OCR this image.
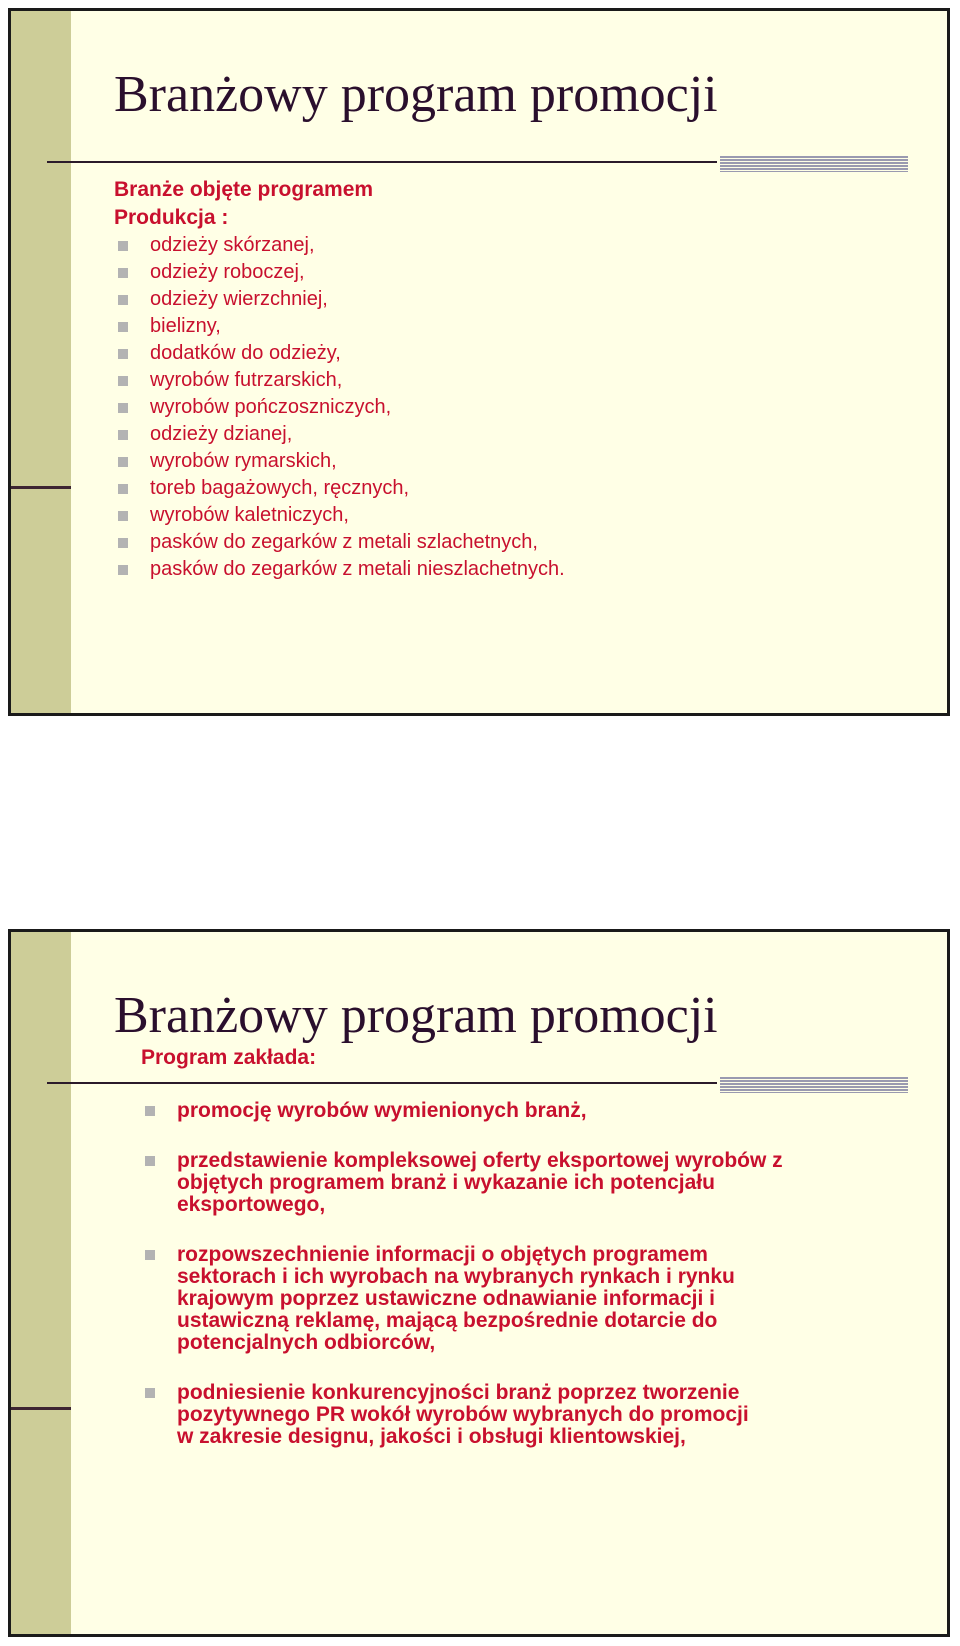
Branżowy program promocji

Branże objęte programem

Produkcja :

odzieży skórzanej,
odzieży roboczej,
odzieży wierzchniej,
bielizny,
dodatków do odzieży,
wyrobów futrzarskich,
wyrobów pończoszniczych,
odzieży dzianej,
wyrobów rymarskich,
toreb bagażowych, ręcznych,
wyrobów kaletniczych,
pasków do zegarków z metali szlachetnych,
pasków do zegarków z metali nieszlachetnych.
Branżowy program promocji

Program zakłada:

promocję wyrobów wymienionych branż,
przedstawienie kompleksowej oferty eksportowej wyrobów z
objętych programem branż i wykazanie ich potencjału
eksportowego,
rozpowszechnienie informacji o objętych programem
sektorach i ich wyrobach na wybranych rynkach i rynku
krajowym poprzez ustawiczne odnawianie informacji i
ustawiczną reklamę, mającą bezpośrednie dotarcie do
potencjalnych odbiorców,
podniesienie konkurencyjności branż poprzez tworzenie
pozytywnego PR wokół wyrobów wybranych do promocji
w zakresie designu, jakości i obsługi klientowskiej,
